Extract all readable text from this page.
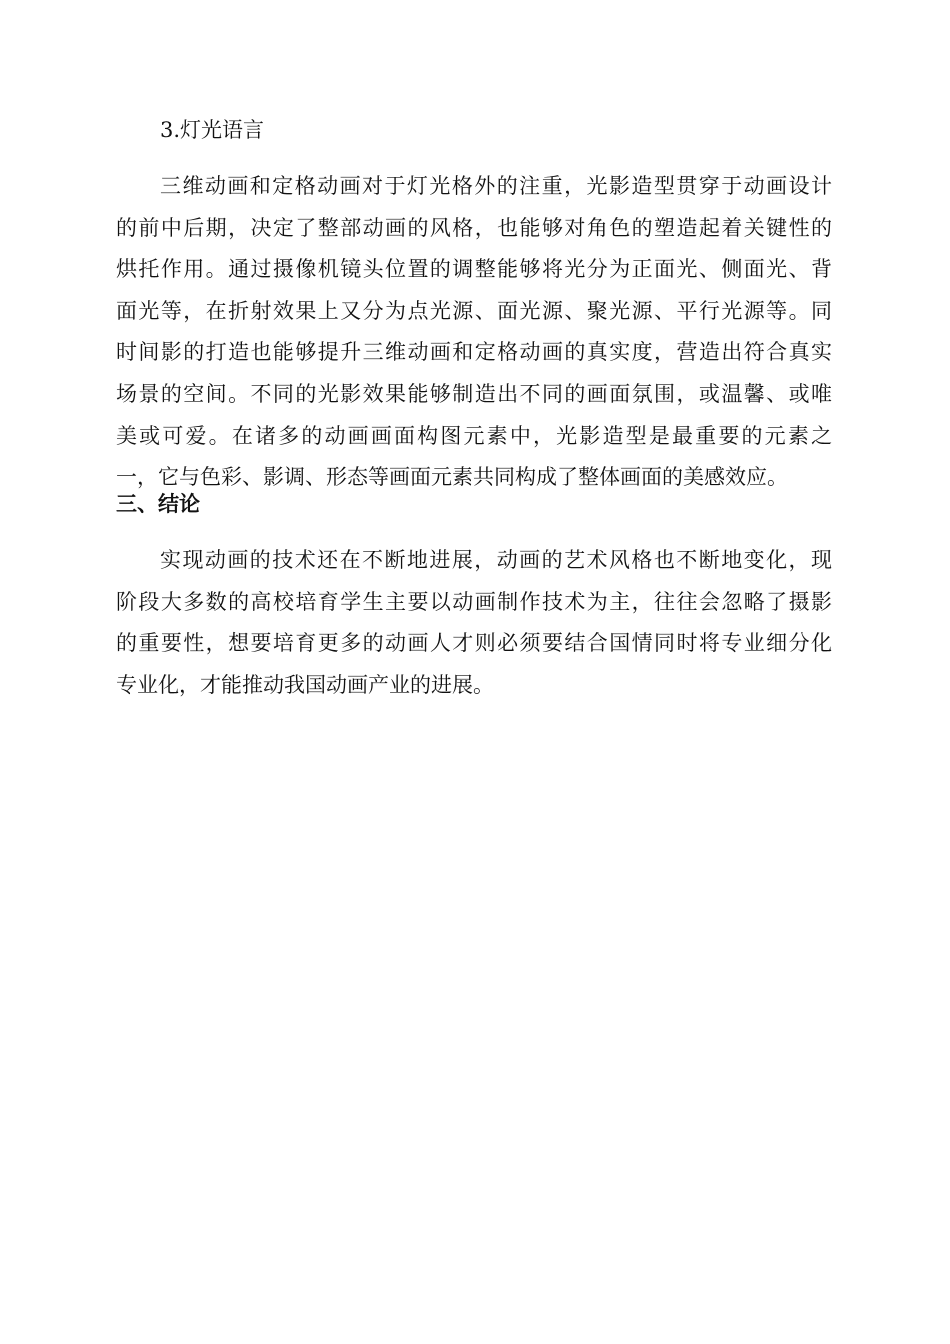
3.灯光语言
三维动画和定格动画对于灯光格外的注重，光影造型贯穿于动画设计
的前中后期，决定了整部动画的风格，也能够对角色的塑造起着关键性的
烘托作用。通过摄像机镜头位置的调整能够将光分为正面光、侧面光、背
面光等，在折射效果上又分为点光源、面光源、聚光源、平行光源等。同
时间影的打造也能够提升三维动画和定格动画的真实度，营造出符合真实
场景的空间。不同的光影效果能够制造出不同的画面氛围，或温馨、或唯
美或可爱。在诸多的动画画面构图元素中，光影造型是最重要的元素之
一，它与色彩、影调、形态等画面元素共同构成了整体画面的美感效应。
三、结论
实现动画的技术还在不断地进展，动画的艺术风格也不断地变化，现
阶段大多数的高校培育学生主要以动画制作技术为主，往往会忽略了摄影
的重要性，想要培育更多的动画人才则必须要结合国情同时将专业细分化
专业化，才能推动我国动画产业的进展。
